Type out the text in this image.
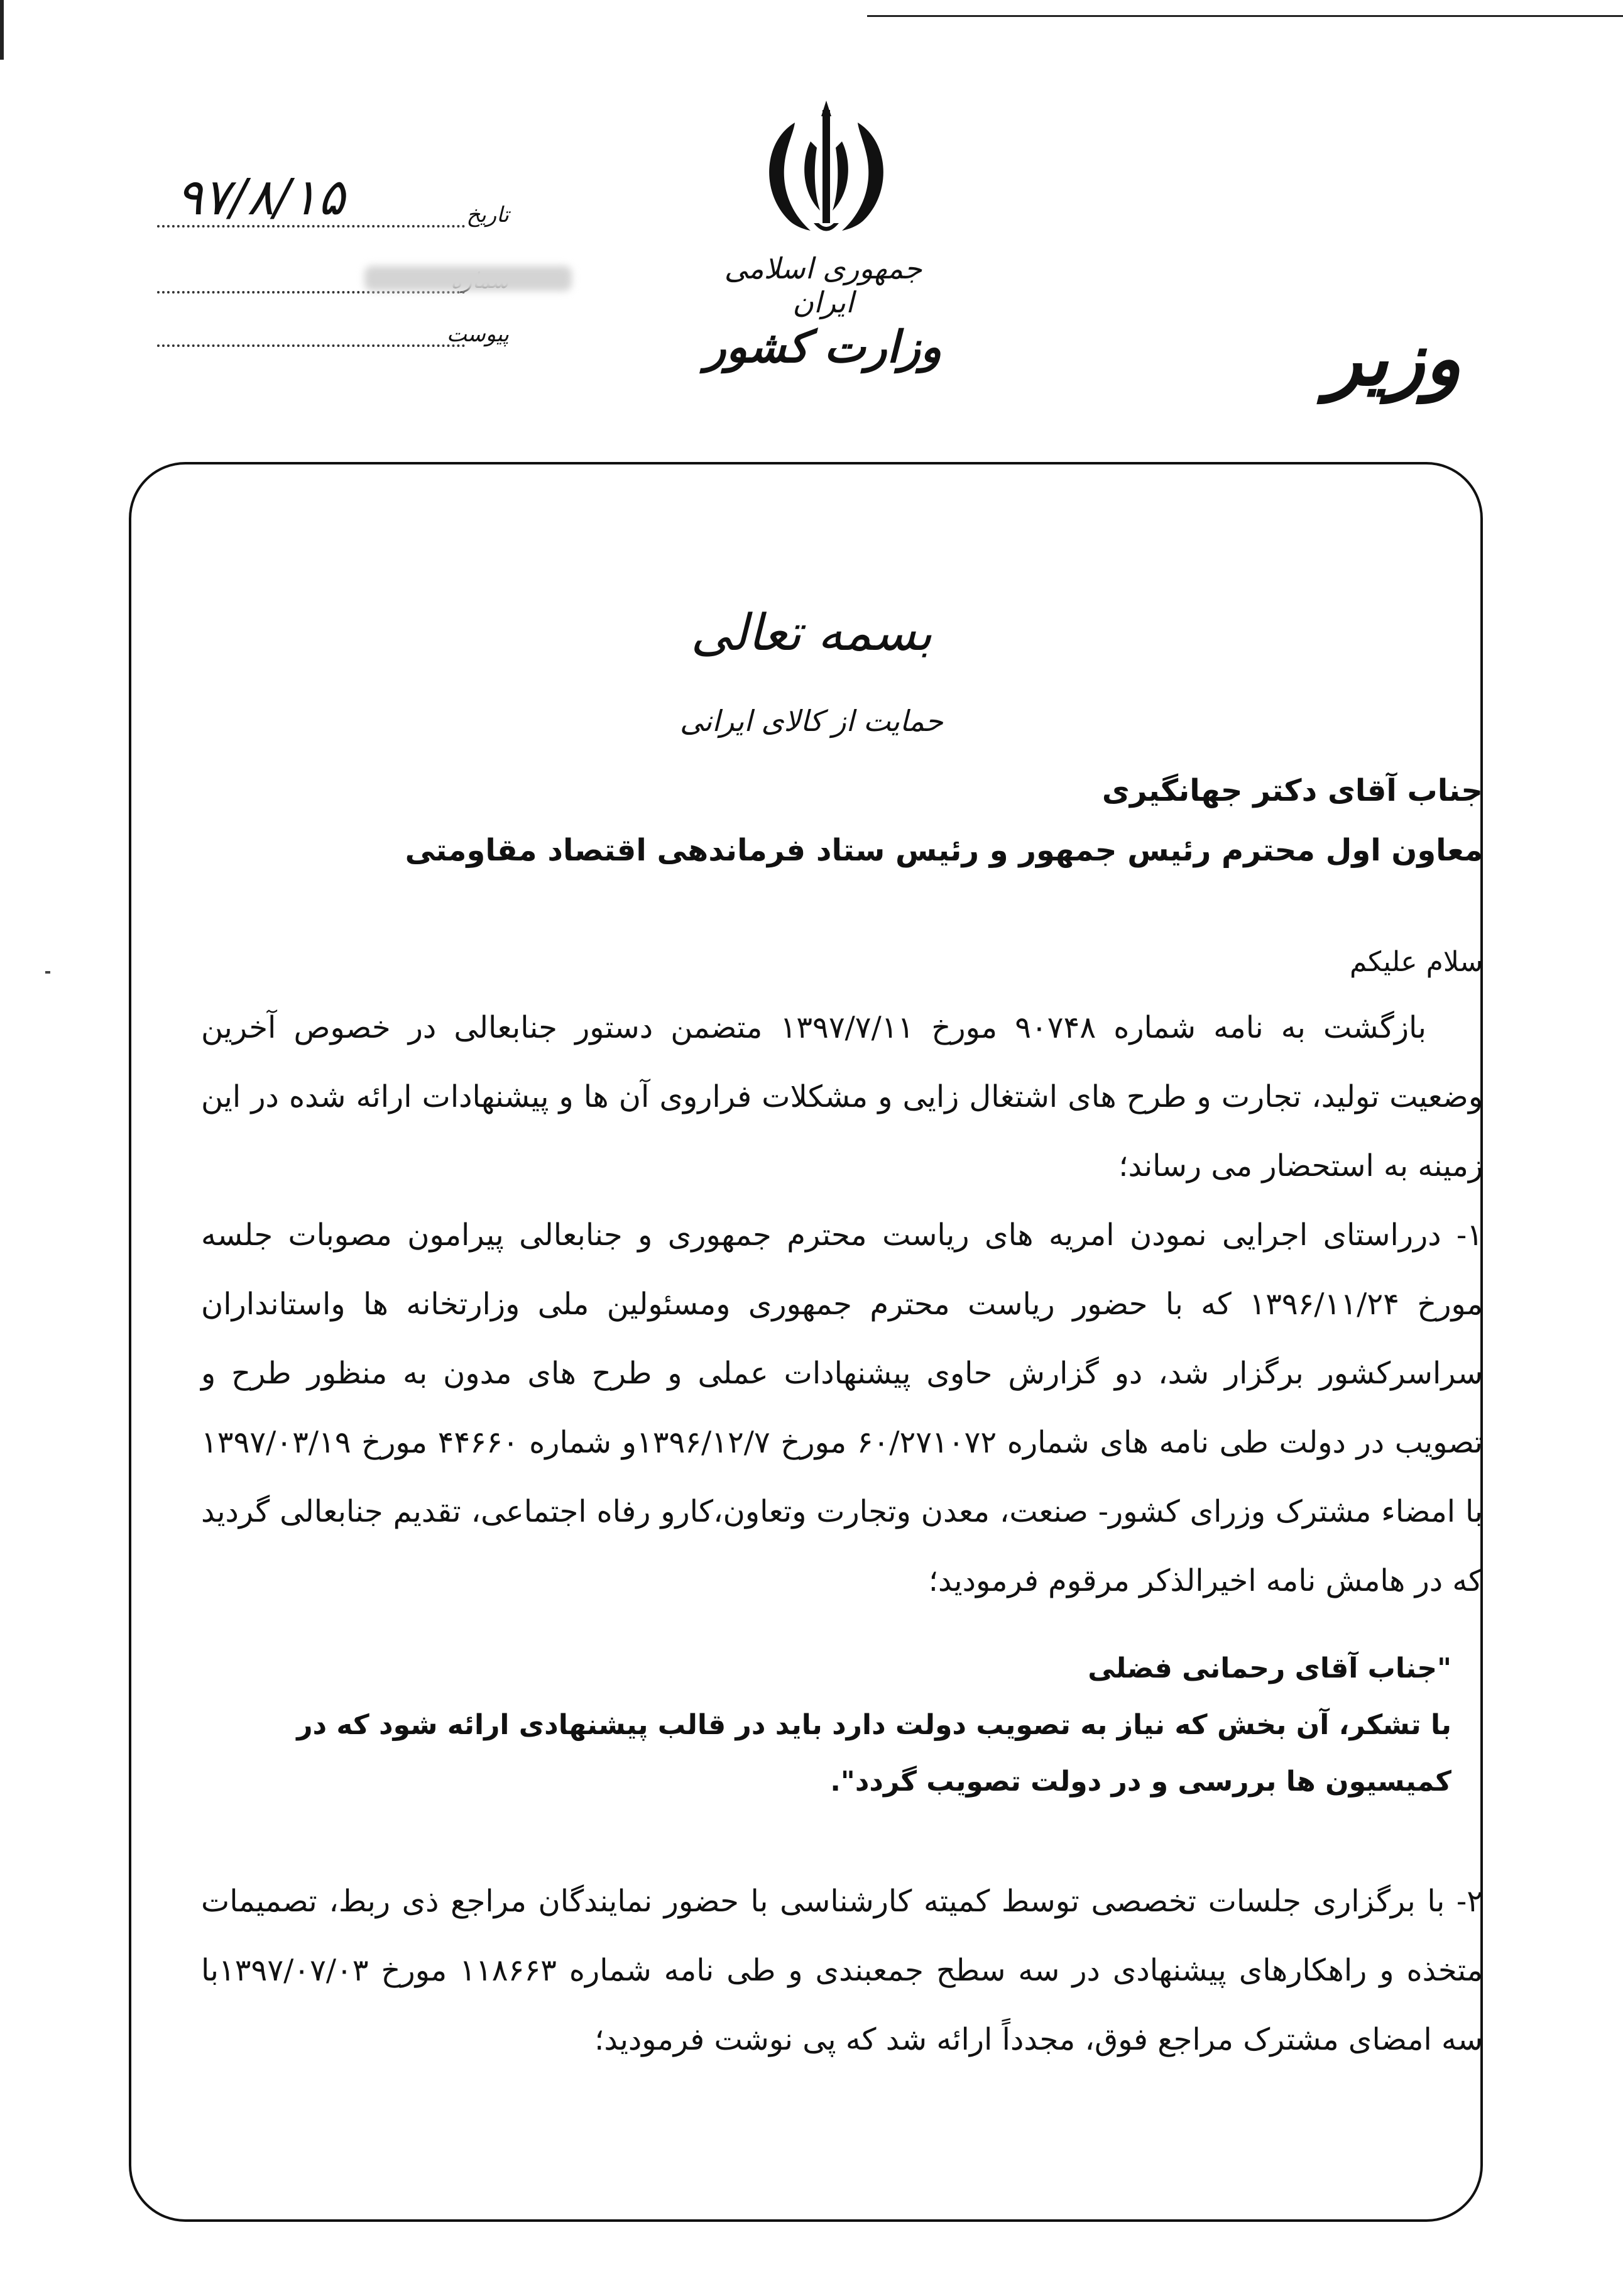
جمهوری اسلامی ایران
وزارت کشور	وزیر
تاریخ
۹۷/۸/۱۵
پیوست
بسمه تعالی
حمایت از کالای ایرانی
جناب آقای دکتر جهانگیری
معاون اول محترم رئیس جمهور و رئیس ستاد فرماندهی اقتصاد مقاومتی
سلام علیکم

بازگشت به نامه شماره ۹۰۷۴۸ مورخ ۱۳۹۷/۷/۱۱ متضمن دستور جنابعالی در خصوص آخرین وضعیت تولید، تجارت و طرح های اشتغال زایی و مشکلات فراروی آن ها و پیشنهادات ارائه شده در این زمینه به استحضار می رساند؛

۱- درراستای اجرایی نمودن امریه های ریاست محترم جمهوری و جنابعالی پیرامون مصوبات جلسه مورخ ۱۳۹۶/۱۱/۲۴ که با حضور ریاست محترم جمهوری ومسئولین ملی وزارتخانه ها واستانداران سراسرکشور برگزار شد، دو گزارش حاوی پیشنهادات عملی و طرح های مدون به منظور طرح و تصویب در دولت طی نامه های شماره ۶۰/۲۷۱۰۷۲ مورخ ۱۳۹۶/۱۲/۷و شماره ۴۴۶۶۰ مورخ ۱۳۹۷/۰۳/۱۹ با امضاء مشترک وزرای کشور- صنعت، معدن وتجارت وتعاون،کارو رفاه اجتماعی، تقدیم جنابعالی گردید که در هامش نامه اخیرالذکر مرقوم فرمودید؛

"جناب آقای رحمانی فضلی
با تشکر، آن بخش که نیاز به تصویب دولت دارد باید در قالب پیشنهادی ارائه شود که در کمیسیون ها بررسی و در دولت تصویب گردد".

۲- با برگزاری جلسات تخصصی توسط کمیته کارشناسی با حضور نمایندگان مراجع ذی ربط، تصمیمات متخذه و راهکارهای پیشنهادی در سه سطح جمعبندی و طی نامه شماره ۱۱۸۶۶۳ مورخ ۱۳۹۷/۰۷/۰۳با سه امضای مشترک مراجع فوق، مجدداً ارائه شد که پی نوشت فرمودید؛
